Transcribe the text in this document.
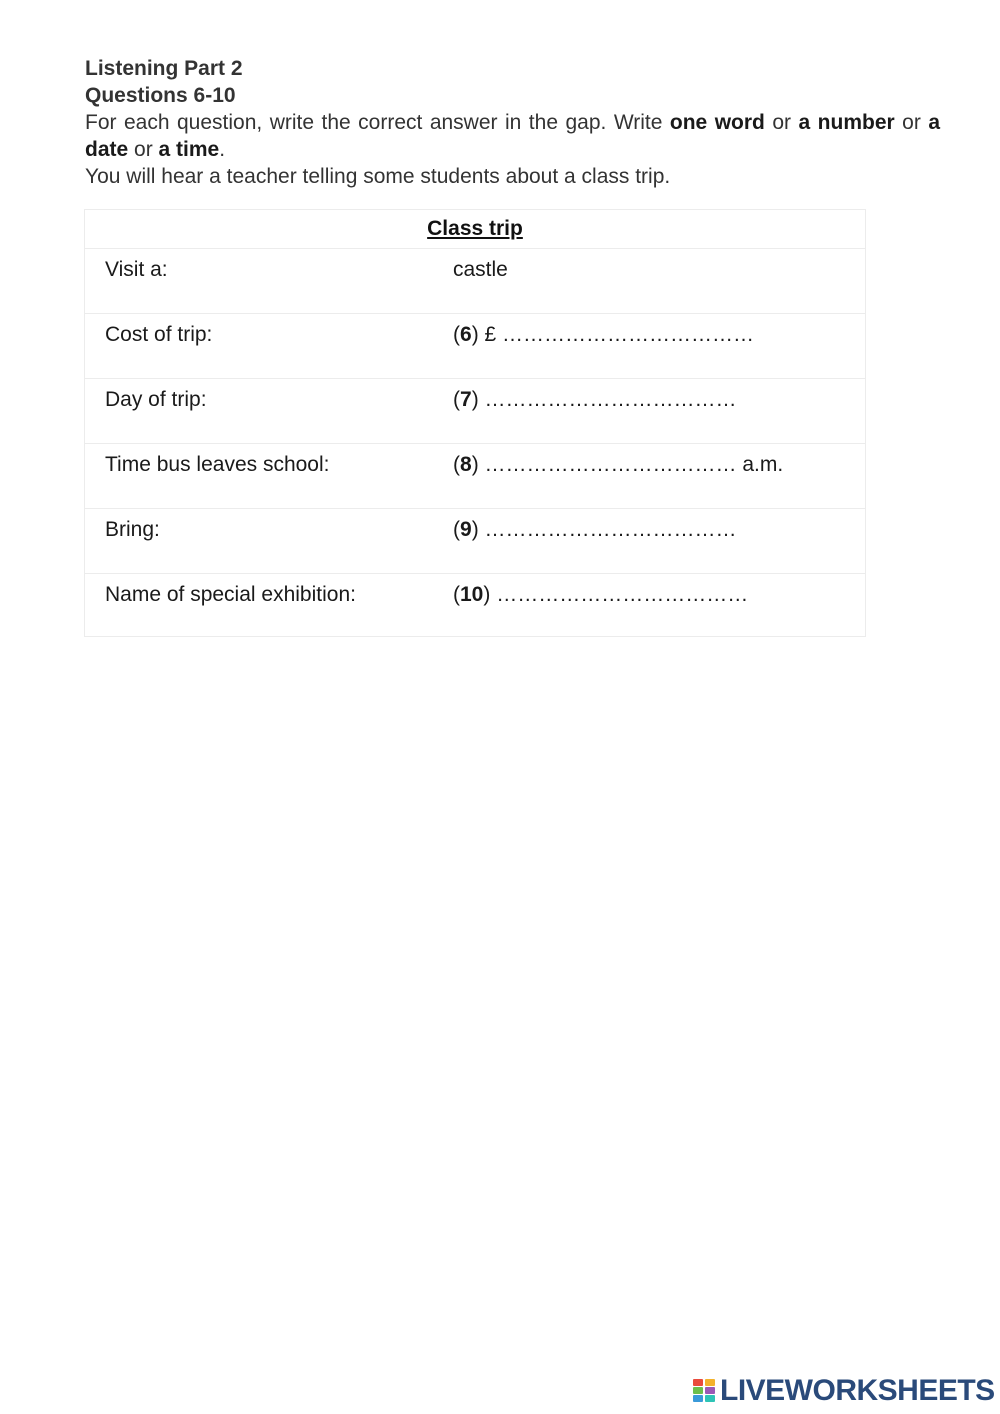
Listening Part 2
Questions 6-10
For each question, write the correct answer in the gap. Write one word or a number or a date or a time.
You will hear a teacher telling some students about a class trip.
Class trip
Visit a:	castle
Cost of trip:	(6) £ ………………………………
Day of trip:	(7) ………………………………
Time bus leaves school:	(8) ……………………………… a.m.
Bring:	(9) ………………………………
Name of special exhibition:	(10) ………………………………
LIVEWORKSHEETS
